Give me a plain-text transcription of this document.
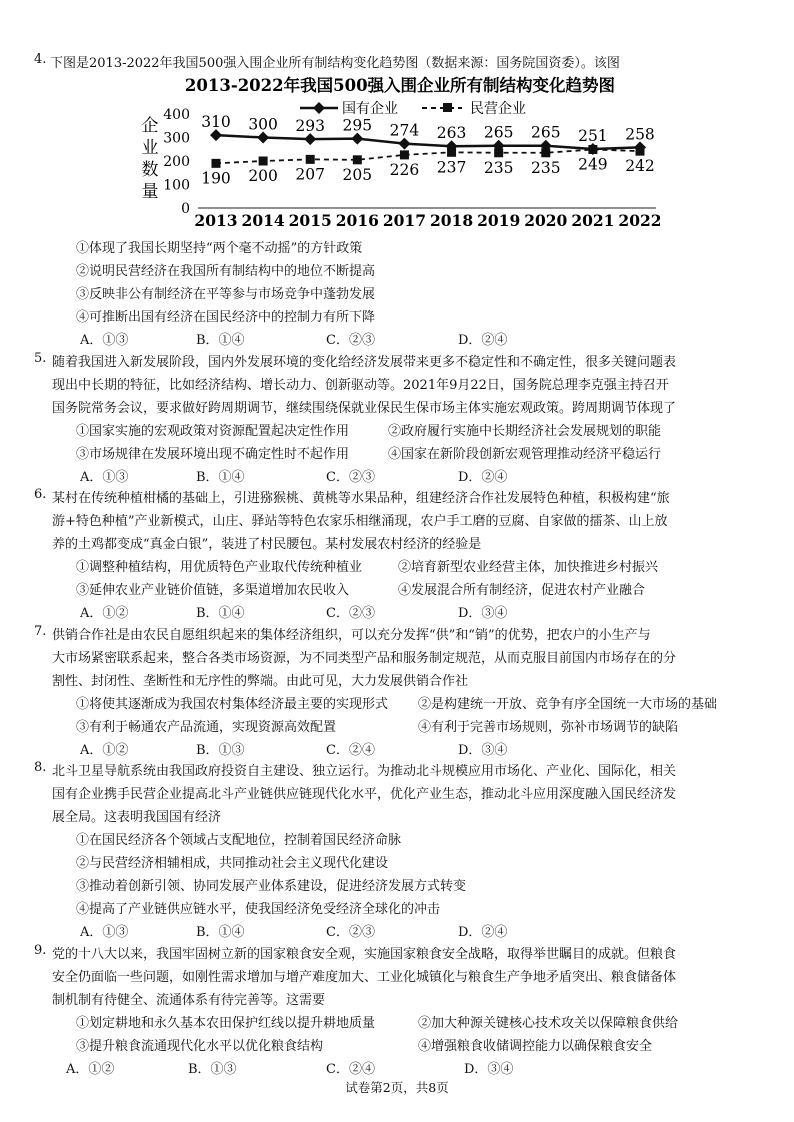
4. 下图是2013-2022年我国500强入围企业所有制结构变化趋势图（数据来源：国务院国资委）。该图
2013-2022年我国500强入围企业所有制结构变化趋势图
企
业
数
量
0
100
200
300
400
2013 2014 2015 2016 2017 2018 2019 2020 2021 2022
国有企业	民营企业
310 300 293 295 274 263 265 265 251 258
190 200 207 205 226 237 235 235 249 242
①体现了我国长期坚持“两个毫不动摇”的方针政策
②说明民营经济在我国所有制结构中的地位不断提高
③反映非公有制经济在平等参与市场竞争中蓬勃发展
④可推断出国有经济在国民经济中的控制力有所下降
A．①③	B．①④	C．②③	D．②④
5. 随着我国进入新发展阶段，国内外发展环境的变化给经济发展带来更多不稳定性和不确定性，很多关键问题表
现出中长期的特征，比如经济结构、增长动力、创新驱动等。2021年9月22日，国务院总理李克强主持召开
国务院常务会议，要求做好跨周期调节，继续围绕保就业保民生保市场主体实施宏观政策。跨周期调节体现了
①国家实施的宏观政策对资源配置起决定性作用	②政府履行实施中长期经济社会发展规划的职能
③市场规律在发展环境出现不确定性时不起作用	④国家在新阶段创新宏观管理推动经济平稳运行
A．①③	B．①④	C．②③	D．②④
6. 某村在传统种植柑橘的基础上，引进猕猴桃、黄桃等水果品种，组建经济合作社发展特色种植，积极构建“旅
游+特色种植”产业新模式，山庄、驿站等特色农家乐相继涌现，农户手工磨的豆腐、自家做的擂茶、山上放
养的土鸡都变成“真金白银”，装进了村民腰包。某村发展农村经济的经验是
①调整种植结构，用优质特色产业取代传统种植业	②培育新型农业经营主体，加快推进乡村振兴
③延伸农业产业链价值链，多渠道增加农民收入	④发展混合所有制经济，促进农村产业融合
A．①②	B．①④	C．②③	D．③④
7. 供销合作社是由农民自愿组织起来的集体经济组织，可以充分发挥“供”和“销”的优势，把农户的小生产与
大市场紧密联系起来，整合各类市场资源，为不同类型产品和服务制定规范，从而克服目前国内市场存在的分
割性、封闭性、垄断性和无序性的弊端。由此可见，大力发展供销合作社
①将使其逐渐成为我国农村集体经济最主要的实现形式 ②是构建统一开放、竞争有序全国统一大市场的基础
③有利于畅通农产品流通，实现资源高效配置	④有利于完善市场规则，弥补市场调节的缺陷
A．①②	B．①③	C．②④	D．③④
8. 北斗卫星导航系统由我国政府投资自主建设、独立运行。为推动北斗规模应用市场化、产业化、国际化，相关
国有企业携手民营企业提高北斗产业链供应链现代化水平，优化产业生态，推动北斗应用深度融入国民经济发
展全局。这表明我国国有经济
①在国民经济各个领域占支配地位，控制着国民经济命脉
②与民营经济相辅相成，共同推动社会主义现代化建设
③推动着创新引领、协同发展产业体系建设，促进经济发展方式转变
④提高了产业链供应链水平，使我国经济免受经济全球化的冲击
A．①③	B．①④	C．②③	D．②④
9. 党的十八大以来，我国牢固树立新的国家粮食安全观，实施国家粮食安全战略，取得举世瞩目的成就。但粮食
安全仍面临一些问题，如刚性需求增加与增产难度加大、工业化城镇化与粮食生产争地矛盾突出、粮食储备体
制机制有待健全、流通体系有待完善等。这需要
①划定耕地和永久基本农田保护红线以提升耕地质量	②加大种源关键核心技术攻关以保障粮食供给
③提升粮食流通现代化水平以优化粮食结构	④增强粮食收储调控能力以确保粮食安全
A．①②	B．①③	C．②④	D．③④
试卷第2页，共8页
